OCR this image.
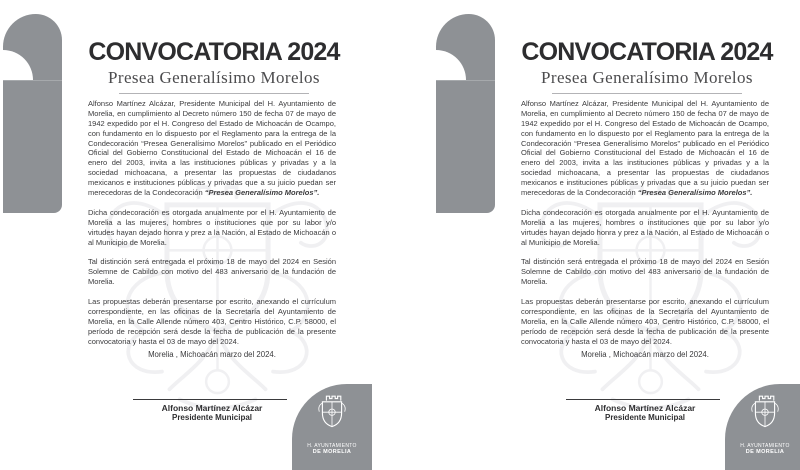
CONVOCATORIA 2024
Presea Generalísimo Morelos

Alfonso Martínez Alcázar, Presidente Municipal del H. Ayuntamiento de Morelia, en cumplimiento al Decreto número 150 de fecha 07 de mayo de 1942 expedido por el H. Congreso del Estado de Michoacán de Ocampo, con fundamento en lo dispuesto por el Reglamento para la entrega de la Condecoración “Presea Generalísimo Morelos” publicado en el Periódico Oficial del Gobierno Constitucional del Estado de Michoacán el 16 de enero del 2003, invita a las instituciones públicas y privadas y a la sociedad michoacana, a presentar las propuestas de ciudadanos mexicanos e instituciones públicas y privadas que a su juicio puedan ser merecedoras de la Condecoración “Presea Generalísimo Morelos”.

Dicha condecoración es otorgada anualmente por el H. Ayuntamiento de Morelia a las mujeres, hombres o instituciones que por su labor y/o virtudes hayan dejado honra y prez a la Nación, al Estado de Michoacán o al Municipio de Morelia.

Tal distinción será entregada el próximo 18 de mayo del 2024 en Sesión Solemne de Cabildo con motivo del 483 aniversario de la fundación de Morelia.

Las propuestas deberán presentarse por escrito, anexando el currículum correspondiente, en las oficinas de la Secretaría del Ayuntamiento de Morelia, en la Calle Allende número 403, Centro Histórico, C.P. 58000, el período de recepción será desde la fecha de publicación de la presente convocatoria y hasta el 03 de mayo del 2024.

Morelia , Michoacán marzo del 2024.
Alfonso Martínez Alcázar
Presidente Municipal
H. AYUNTAMIENTO
DE MORELIA
CONVOCATORIA 2024
Presea Generalísimo Morelos

Alfonso Martínez Alcázar, Presidente Municipal del H. Ayuntamiento de Morelia, en cumplimiento al Decreto número 150 de fecha 07 de mayo de 1942 expedido por el H. Congreso del Estado de Michoacán de Ocampo, con fundamento en lo dispuesto por el Reglamento para la entrega de la Condecoración “Presea Generalísimo Morelos” publicado en el Periódico Oficial del Gobierno Constitucional del Estado de Michoacán el 16 de enero del 2003, invita a las instituciones públicas y privadas y a la sociedad michoacana, a presentar las propuestas de ciudadanos mexicanos e instituciones públicas y privadas que a su juicio puedan ser merecedoras de la Condecoración “Presea Generalísimo Morelos”.

Dicha condecoración es otorgada anualmente por el H. Ayuntamiento de Morelia a las mujeres, hombres o instituciones que por su labor y/o virtudes hayan dejado honra y prez a la Nación, al Estado de Michoacán o al Municipio de Morelia.

Tal distinción será entregada el próximo 18 de mayo del 2024 en Sesión Solemne de Cabildo con motivo del 483 aniversario de la fundación de Morelia.

Las propuestas deberán presentarse por escrito, anexando el currículum correspondiente, en las oficinas de la Secretaría del Ayuntamiento de Morelia, en la Calle Allende número 403, Centro Histórico, C.P. 58000, el período de recepción será desde la fecha de publicación de la presente convocatoria y hasta el 03 de mayo del 2024.

Morelia , Michoacán marzo del 2024.
Alfonso Martínez Alcázar
Presidente Municipal
H. AYUNTAMIENTO
DE MORELIA
